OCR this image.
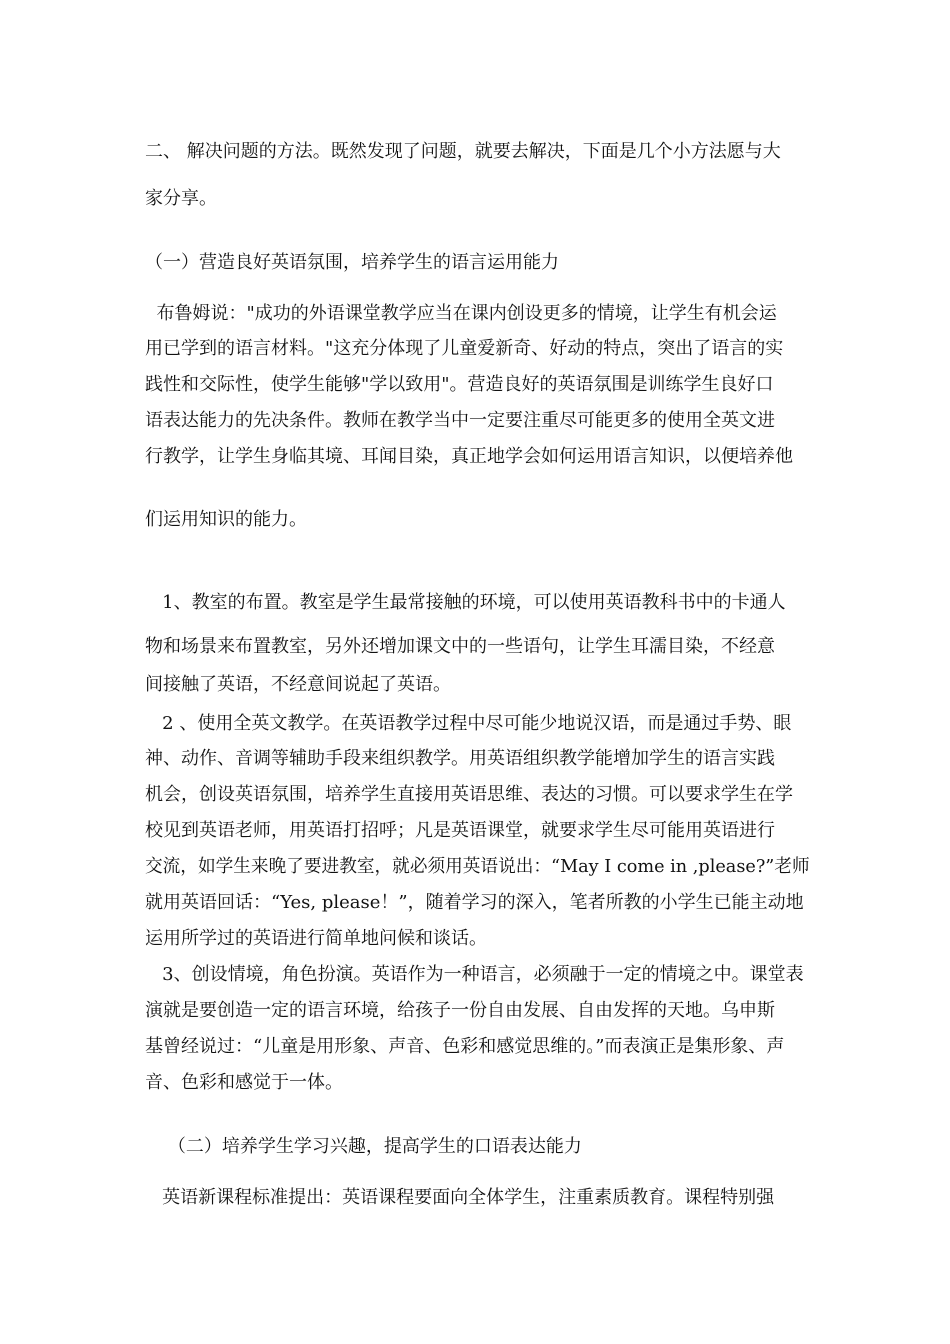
二、 解决问题的方法。既然发现了问题，就要去解决，下面是几个小方法愿与大
家分享。
（一）营造良好英语氛围，培养学生的语言运用能力
布鲁姆说："成功的外语课堂教学应当在课内创设更多的情境，让学生有机会运
用已学到的语言材料。"这充分体现了儿童爱新奇、好动的特点，突出了语言的实
践性和交际性，使学生能够"学以致用"。营造良好的英语氛围是训练学生良好口
语表达能力的先决条件。教师在教学当中一定要注重尽可能更多的使用全英文进
行教学，让学生身临其境、耳闻目染，真正地学会如何运用语言知识，以便培养他
们运用知识的能力。
1、教室的布置。教室是学生最常接触的环境，可以使用英语教科书中的卡通人
物和场景来布置教室，另外还增加课文中的一些语句，让学生耳濡目染，不经意
间接触了英语，不经意间说起了英语。
2 、使用全英文教学。在英语教学过程中尽可能少地说汉语，而是通过手势、眼
神、动作、音调等辅助手段来组织教学。用英语组织教学能增加学生的语言实践
机会，创设英语氛围，培养学生直接用英语思维、表达的习惯。可以要求学生在学
校见到英语老师，用英语打招呼；凡是英语课堂，就要求学生尽可能用英语进行
交流，如学生来晚了要进教室，就必须用英语说出：“May I come in ,please?”老师
就用英语回话：“Yes, please！”，随着学习的深入，笔者所教的小学生已能主动地
运用所学过的英语进行简单地问候和谈话。
3、创设情境，角色扮演。英语作为一种语言，必须融于一定的情境之中。课堂表
演就是要创造一定的语言环境，给孩子一份自由发展、自由发挥的天地。乌申斯
基曾经说过：“儿童是用形象、声音、色彩和感觉思维的。”而表演正是集形象、声
音、色彩和感觉于一体。
（二）培养学生学习兴趣，提高学生的口语表达能力
英语新课程标准提出：英语课程要面向全体学生，注重素质教育。课程特别强
